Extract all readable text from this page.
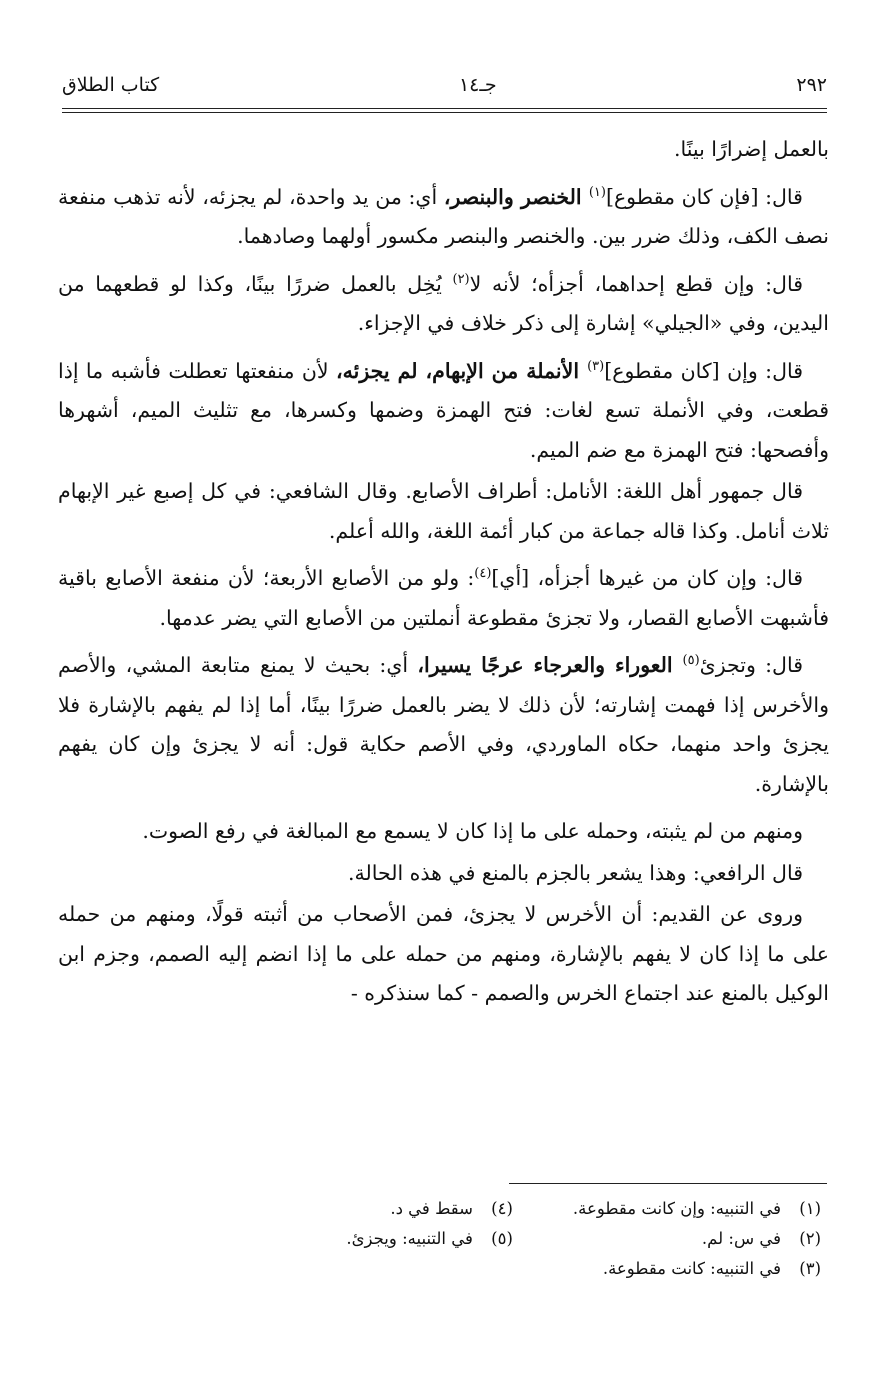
٢٩٢
جـ١٤
كتاب الطلاق

بالعمل إضرارًا بينًا.

قال: [فإن كان مقطوع]$^{(١)}$ الخنصر والبنصر، أي: من يد واحدة، لم يجزئه، لأنه تذهب منفعة نصف الكف، وذلك ضرر بين. والخنصر والبنصر مكسور أولهما وصادهما.

قال: وإن قطع إحداهما، أجزأه؛ لأنه لا$^{(٢)}$ يُخِل بالعمل ضررًا بينًا، وكذا لو قطعهما من اليدين، وفي «الجيلي» إشارة إلى ذكر خلاف في الإجزاء.

قال: وإن [كان مقطوع]$^{(٣)}$ الأنملة من الإبهام، لم يجزئه، لأن منفعتها تعطلت فأشبه ما إذا قطعت، وفي الأنملة تسع لغات: فتح الهمزة وضمها وكسرها، مع تثليث الميم، أشهرها وأفصحها: فتح الهمزة مع ضم الميم.

قال جمهور أهل اللغة: الأنامل: أطراف الأصابع. وقال الشافعي: في كل إصبع غير الإبهام ثلاث أنامل. وكذا قاله جماعة من كبار أئمة اللغة، والله أعلم.

قال: وإن كان من غيرها أجزأه، [أي]$^{(٤)}$: ولو من الأصابع الأربعة؛ لأن منفعة الأصابع باقية فأشبهت الأصابع القصار، ولا تجزئ مقطوعة أنملتين من الأصابع التي يضر عدمها.

قال: وتجزئ$^{(٥)}$ العوراء والعرجاء عرجًا يسيرا، أي: بحيث لا يمنع متابعة المشي، والأصم والأخرس إذا فهمت إشارته؛ لأن ذلك لا يضر بالعمل ضررًا بينًا، أما إذا لم يفهم بالإشارة فلا يجزئ واحد منهما، حكاه الماوردي، وفي الأصم حكاية قول: أنه لا يجزئ وإن كان يفهم بالإشارة.

ومنهم من لم يثبته، وحمله على ما إذا كان لا يسمع مع المبالغة في رفع الصوت.

قال الرافعي: وهذا يشعر بالجزم بالمنع في هذه الحالة.

وروى عن القديم: أن الأخرس لا يجزئ، فمن الأصحاب من أثبته قولًا، ومنهم من حمله على ما إذا كان لا يفهم بالإشارة، ومنهم من حمله على ما إذا انضم إليه الصمم، وجزم ابن الوكيل بالمنع عند اجتماع الخرس والصمم - كما سنذكره -

(١)
في التنبيه: وإن كانت مقطوعة.
(٢)
في س: لم.
(٣)
في التنبيه: كانت مقطوعة.
(٤)
سقط في د.
(٥)
في التنبيه: ويجزئ.
